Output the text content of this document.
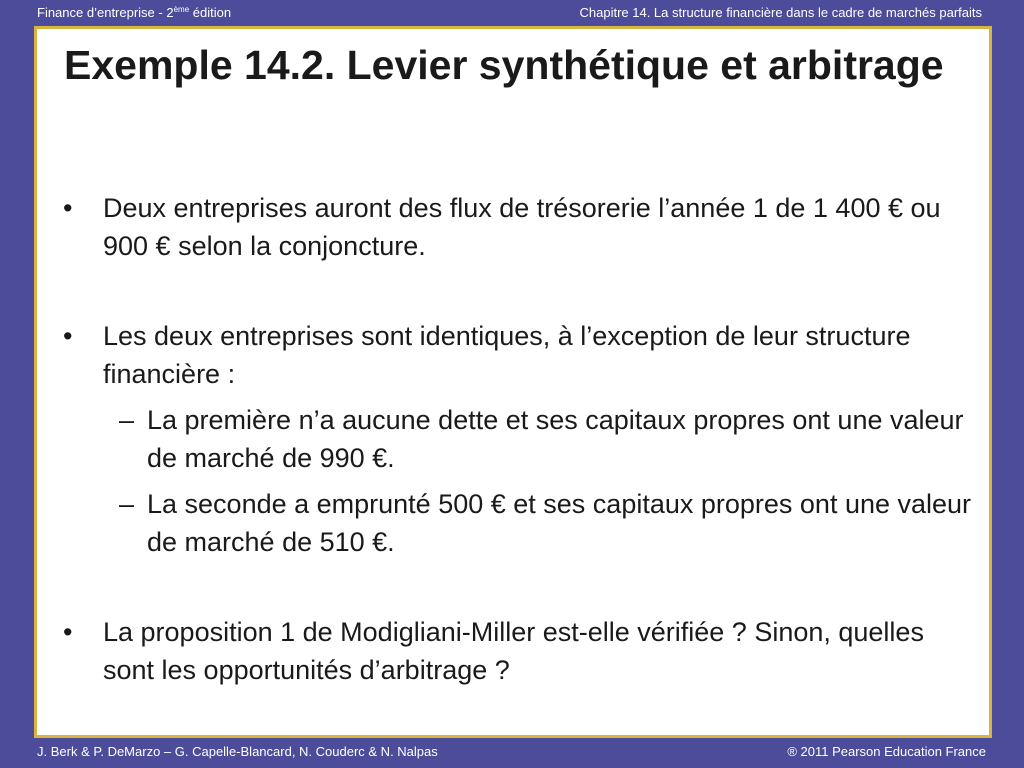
Finance d’entreprise - 2ème édition	Chapitre 14. La structure financière dans le cadre de marchés parfaits
Exemple 14.2. Levier synthétique et arbitrage
• Deux entreprises auront des flux de trésorerie l’année 1 de 1 400 € ou 900 € selon la conjoncture.
• Les deux entreprises sont identiques, à l’exception de leur structure financière :
– La première n’a aucune dette et ses capitaux propres ont une valeur de marché de 990 €.
– La seconde a emprunté 500 € et ses capitaux propres ont une valeur de marché de 510 €.
• La proposition 1 de Modigliani-Miller est-elle vérifiée ? Sinon, quelles sont les opportunités d’arbitrage ?
J. Berk & P. DeMarzo – G. Capelle-Blancard, N. Couderc & N. Nalpas	® 2011 Pearson Education France
